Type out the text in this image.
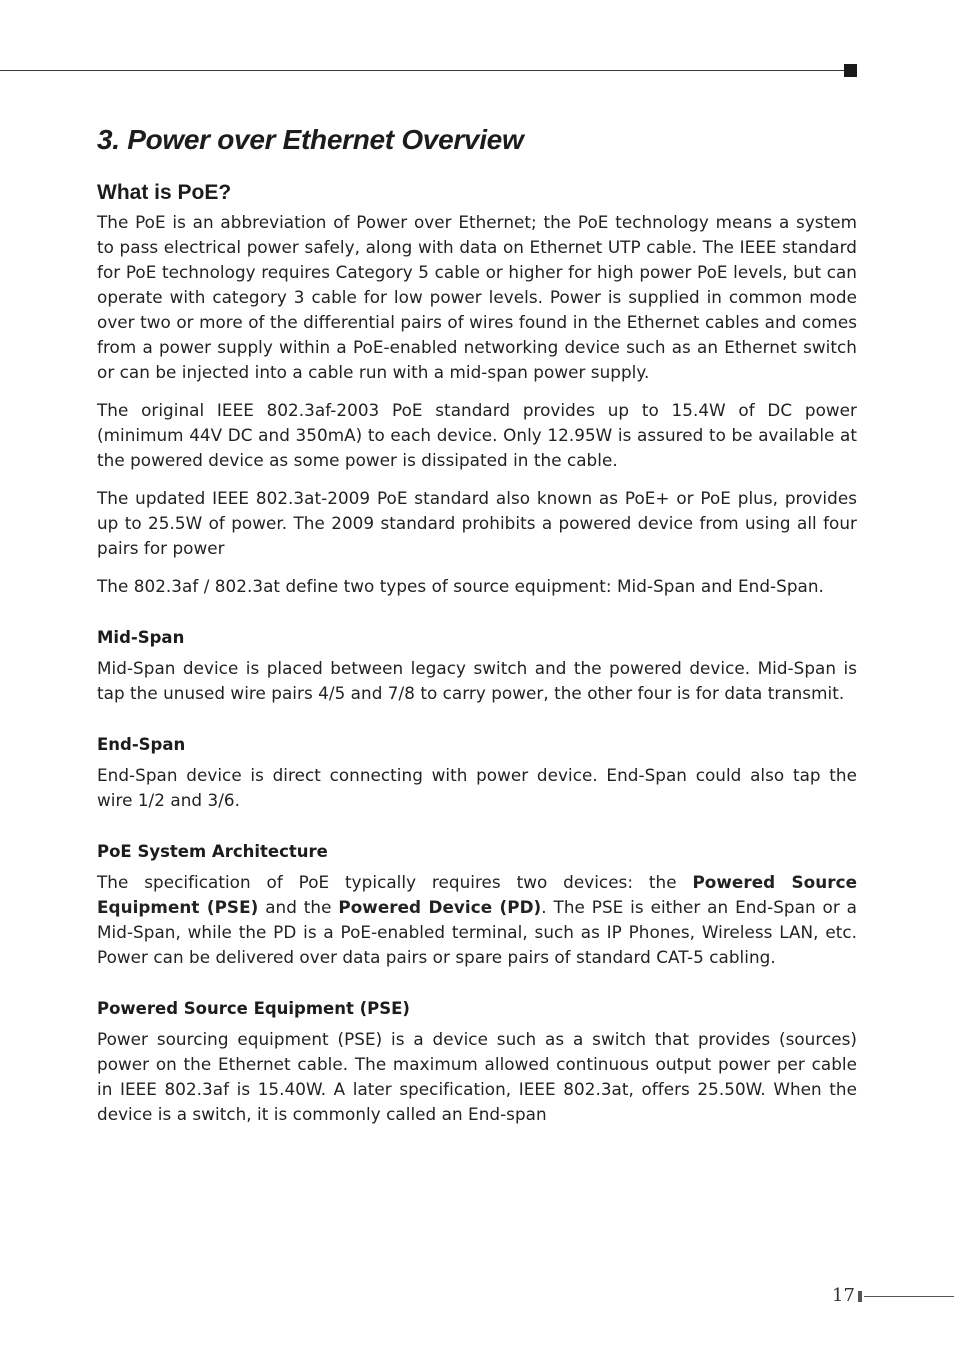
3. Power over Ethernet Overview
What is PoE?

The PoE is an abbreviation of Power over Ethernet; the PoE technology means a system to pass electrical power safely, along with data on Ethernet UTP cable. The IEEE standard for PoE technology requires Category 5 cable or higher for high power PoE levels, but can operate with category 3 cable for low power levels. Power is supplied in common mode over two or more of the differential pairs of wires found in the Ethernet cables and comes from a power supply within a PoE-enabled networking device such as an Ethernet switch or can be injected into a cable run with a mid-span power supply.

The original IEEE 802.3af-2003 PoE standard provides up to 15.4W of DC power (minimum 44V DC and 350mA) to each device. Only 12.95W is assured to be available at the powered device as some power is dissipated in the cable.

The updated IEEE 802.3at-2009 PoE standard also known as PoE+ or PoE plus, provides up to 25.5W of power. The 2009 standard prohibits a powered device from using all four pairs for power

The 802.3af / 802.3at define two types of source equipment: Mid-Span and End-Span.

Mid-Span

Mid-Span device is placed between legacy switch and the powered device. Mid-Span is tap the unused wire pairs 4/5 and 7/8 to carry power, the other four is for data transmit.

End-Span

End-Span device is direct connecting with power device. End-Span could also tap the wire 1/2 and 3/6.

PoE System Architecture

The specification of PoE typically requires two devices: the Powered Source Equipment (PSE) and the Powered Device (PD). The PSE is either an End-Span or a Mid-Span, while the PD is a PoE-enabled terminal, such as IP Phones, Wireless LAN, etc. Power can be delivered over data pairs or spare pairs of standard CAT-5 cabling.

Powered Source Equipment (PSE)

Power sourcing equipment (PSE) is a device such as a switch that provides (sources) power on the Ethernet cable. The maximum allowed continuous output power per cable in IEEE 802.3af is 15.40W. A later specification, IEEE 802.3at, offers 25.50W. When the device is a switch, it is commonly called an End-span

17
